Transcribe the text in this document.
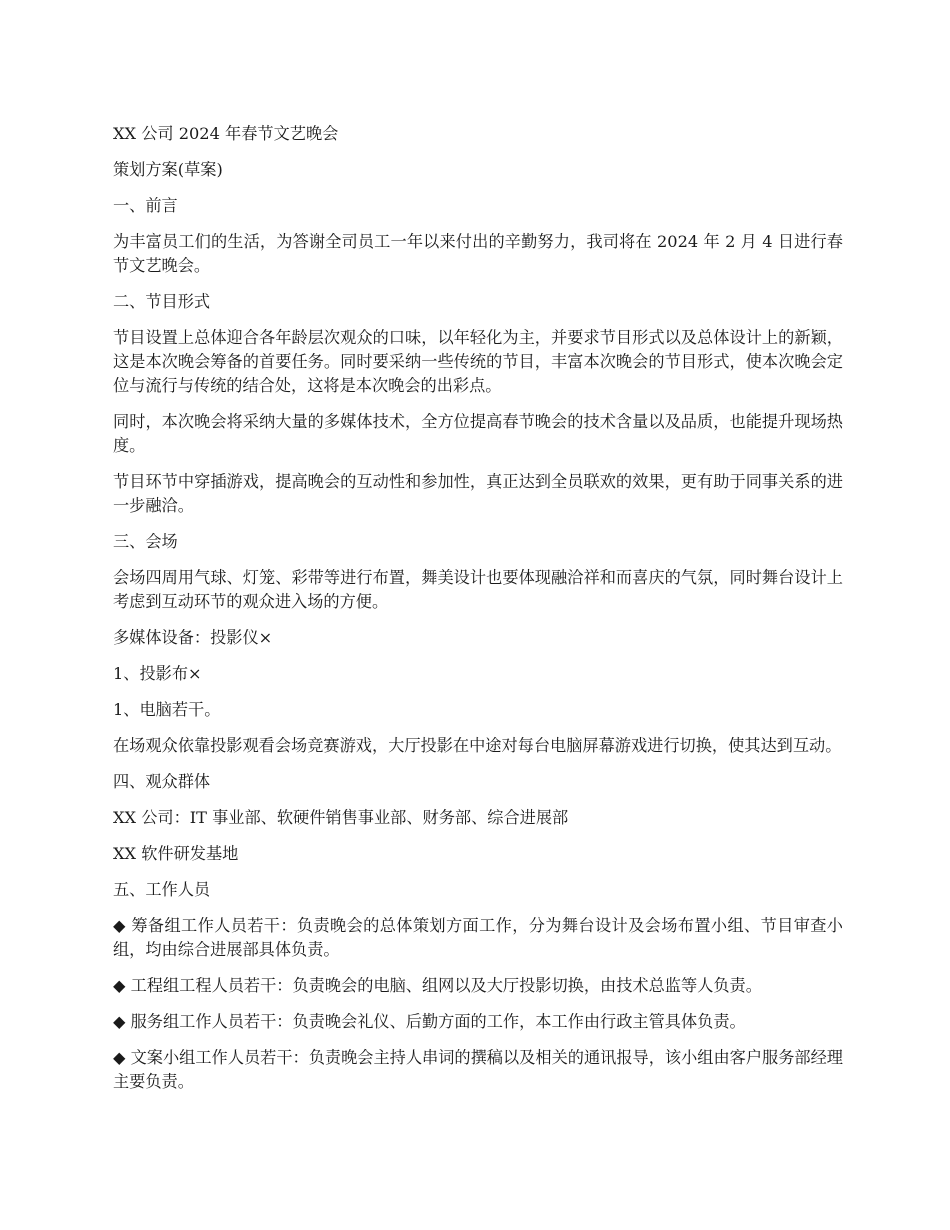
XX 公司 2024 年春节文艺晚会

策划方案(草案)

一、前言

为丰富员工们的生活，为答谢全司员工一年以来付出的辛勤努力，我司将在 2024 年 2 月 4 日进行春节文艺晚会。

二、节目形式

节目设置上总体迎合各年龄层次观众的口味，以年轻化为主，并要求节目形式以及总体设计上的新颖，这是本次晚会筹备的首要任务。同时要采纳一些传统的节目，丰富本次晚会的节目形式，使本次晚会定位与流行与传统的结合处，这将是本次晚会的出彩点。

同时，本次晚会将采纳大量的多媒体技术，全方位提高春节晚会的技术含量以及品质，也能提升现场热度。

节目环节中穿插游戏，提高晚会的互动性和参加性，真正达到全员联欢的效果，更有助于同事关系的进一步融洽。

三、会场

会场四周用气球、灯笼、彩带等进行布置，舞美设计也要体现融洽祥和而喜庆的气氛，同时舞台设计上考虑到互动环节的观众进入场的方便。

多媒体设备：投影仪×

1、投影布×

1、电脑若干。

在场观众依靠投影观看会场竞赛游戏，大厅投影在中途对每台电脑屏幕游戏进行切换，使其达到互动。

四、观众群体

XX 公司：IT 事业部、软硬件销售事业部、财务部、综合进展部

XX 软件研发基地

五、工作人员

◆ 筹备组工作人员若干：负责晚会的总体策划方面工作，分为舞台设计及会场布置小组、节目审查小组，均由综合进展部具体负责。

◆ 工程组工程人员若干：负责晚会的电脑、组网以及大厅投影切换，由技术总监等人负责。

◆ 服务组工作人员若干：负责晚会礼仪、后勤方面的工作，本工作由行政主管具体负责。

◆ 文案小组工作人员若干：负责晚会主持人串词的撰稿以及相关的通讯报导，该小组由客户服务部经理主要负责。
